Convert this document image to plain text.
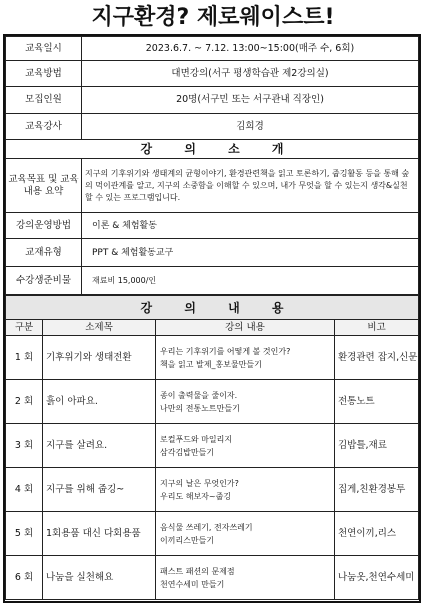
지구환경? 제로웨이스트!
교육일시	2023.6.7. ~ 7.12. 13:00~15:00(매주 수, 6회)
교육방법	대면강의(서구 평생학습관 제2강의실)
모집인원	20명(서구민 또는 서구관내 직장인)
교육강사	김희경
강 의 소 개	
교육목표 및 교육내용 요약	지구의 기후위기와 생태계의 균형이야기, 환경관련책을 읽고 토론하기, 줍깅활동 등을 통해 숲의 먹이관계를 알고, 지구의 소중함을 이해할 수 있으며, 내가 무엇을 할 수 있는지 생각&실천할 수 있는 프로그램입니다.
강의운영방법	이론 & 체험활동
교재유형	PPT & 체험활동교구
수강생준비물	재료비 15,000/인
강 의 내 용			
구분	소제목	강의 내용	비고
1 회	기후위기와 생태전환	우리는 기후위기를 어떻게 볼 것인가?
책을 읽고 발제_홍보물만들기	환경관련 잡지,신문
2 회	흙이 아파요.	종이 출력물을 줄이자.
나만의 전통노트만들기	전통노트
3 회	지구를 살려요.	로컬푸드와 마일리지
삼각김밥만들기	김밥틀,재료
4 회	지구를 위해 줍깅~	지구의 날은 무엇인가?
우리도 해보자~줍깅	집게,친환경봉투
5 회	1회용품 대신 다회용품	음식물 쓰레기, 전자쓰레기
이끼리스만들기	천연이끼,리스
6 회	나눔을 실천해요	패스트 패션의 문제점
천연수세미 만들기	나눔옷,천연수세미
